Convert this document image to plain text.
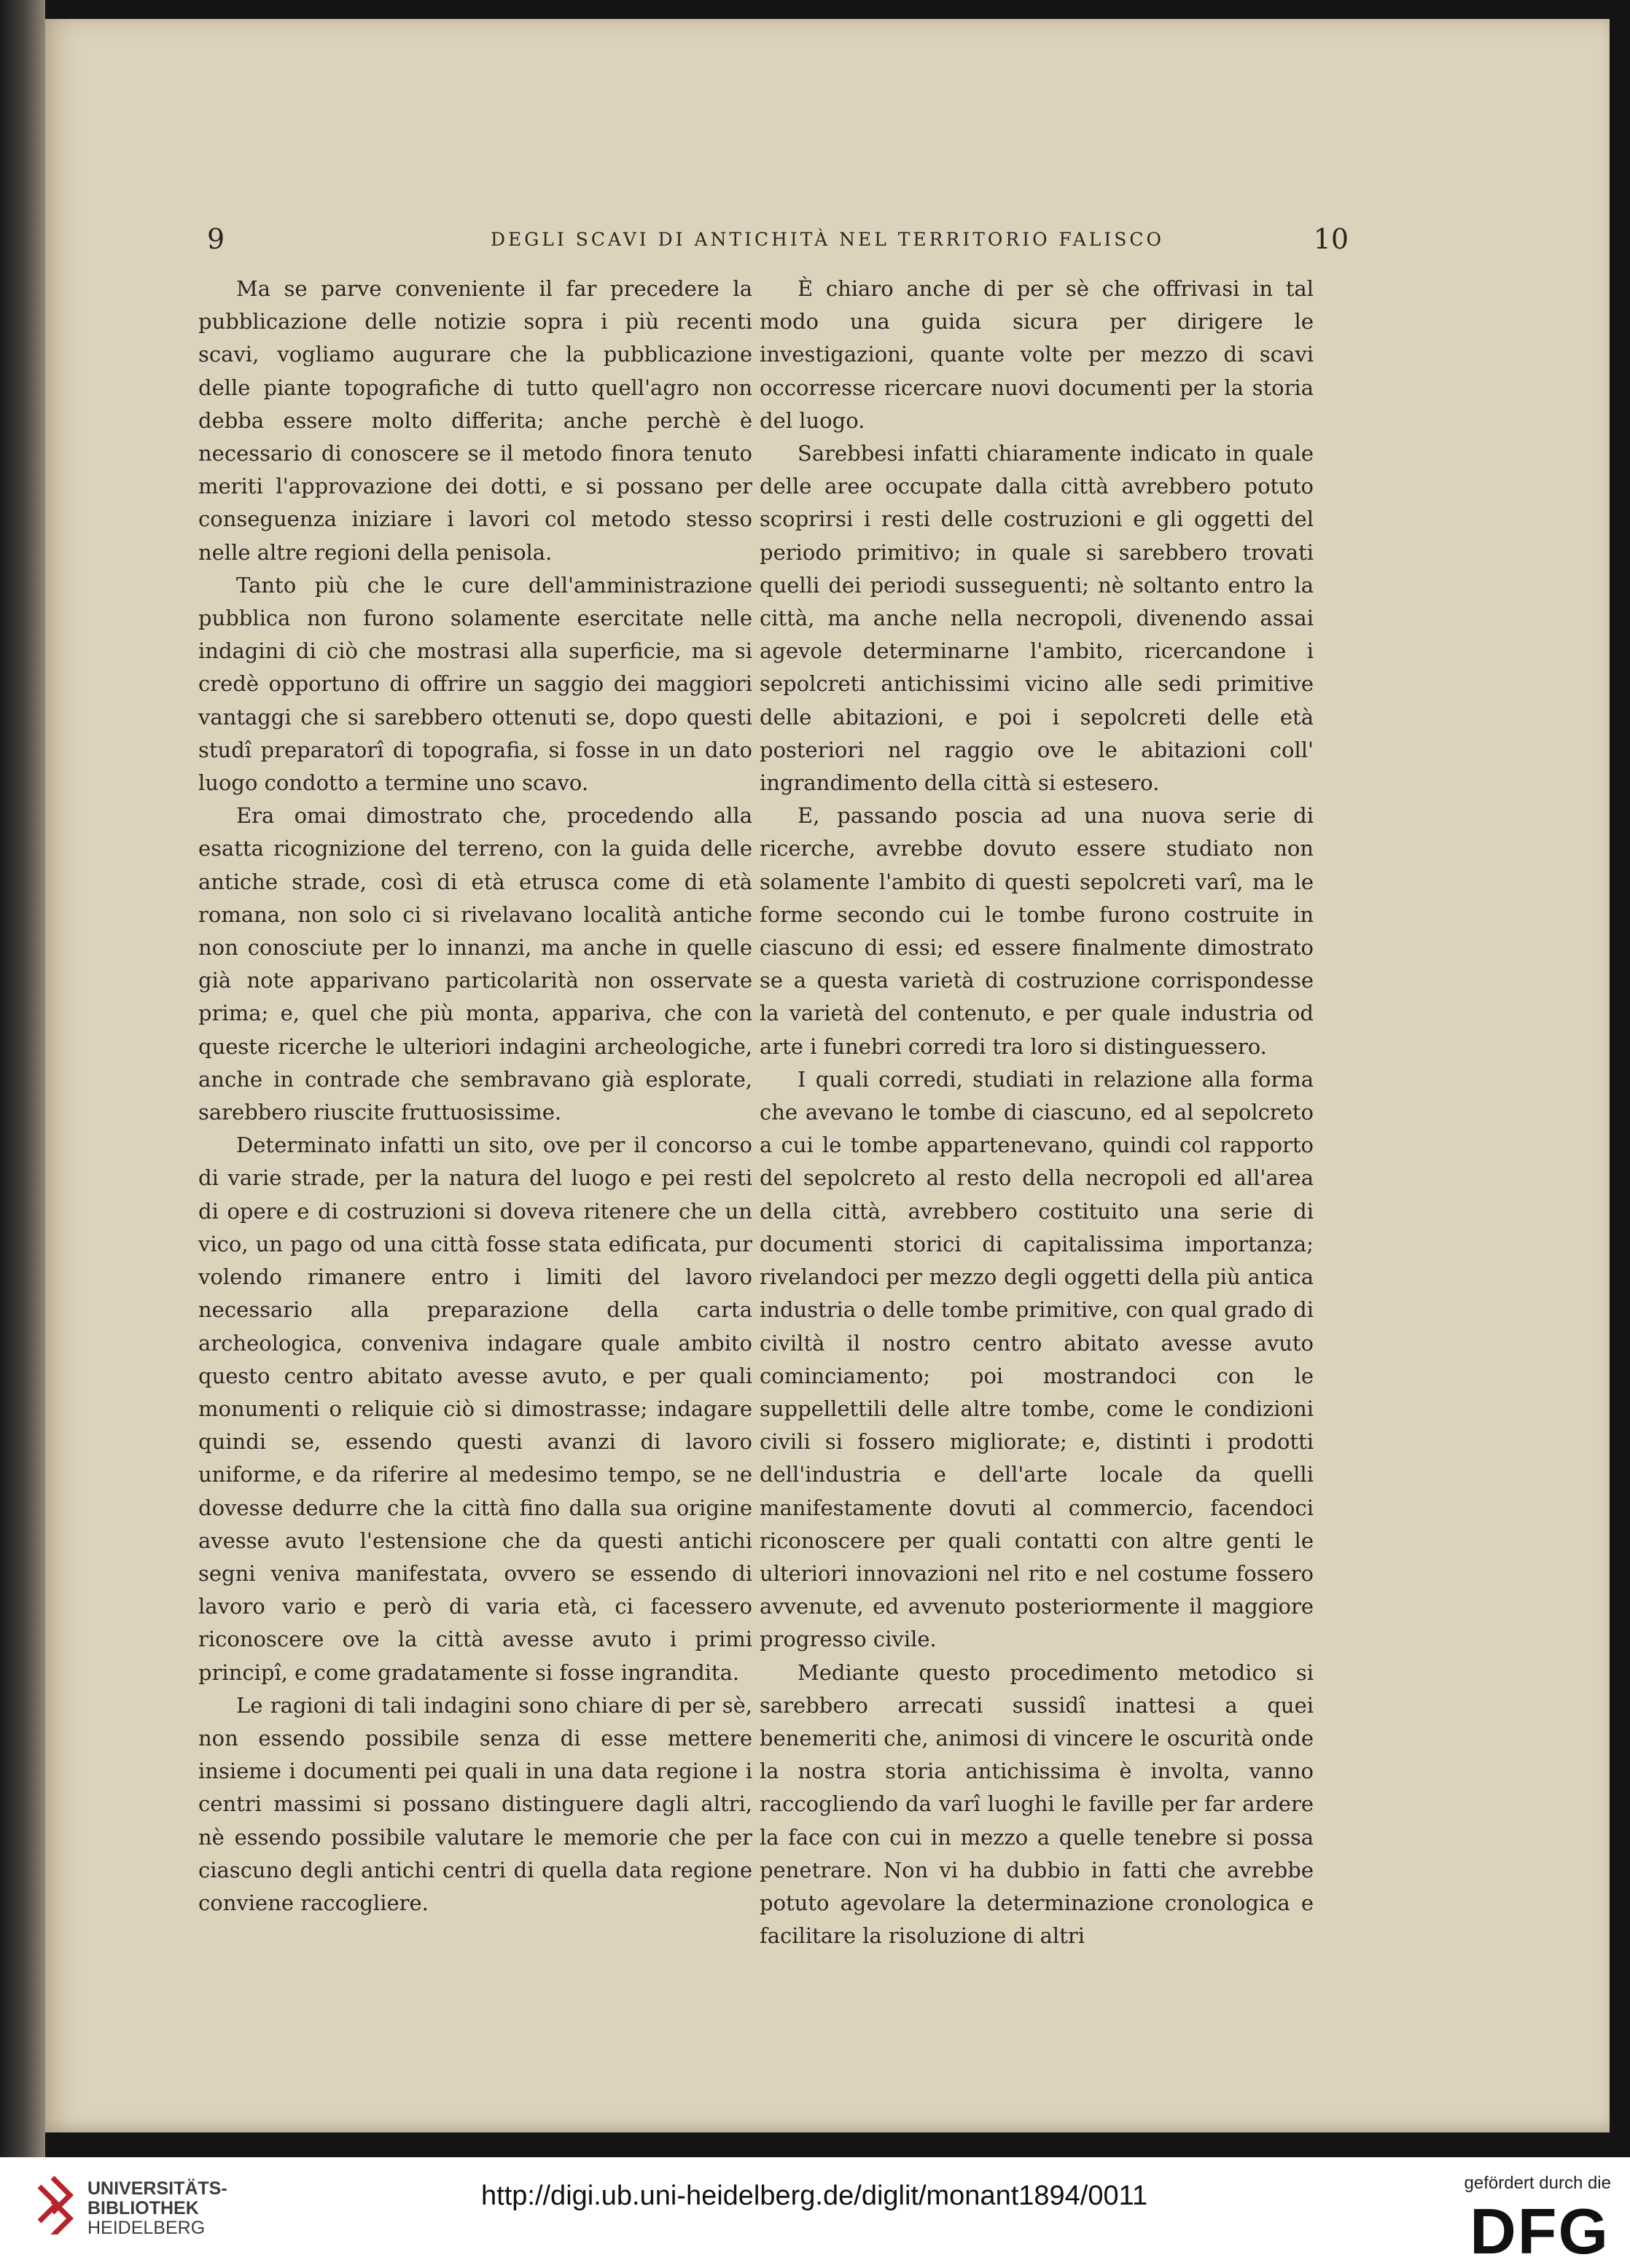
9	DEGLI SCAVI DI ANTICHITÀ NEL TERRITORIO FALISCO	10

Ma se parve conveniente il far precedere la pubblicazione delle notizie sopra i più recenti scavi, vogliamo augurare che la pubblicazione delle piante topografiche di tutto quell'agro non debba essere molto differita; anche perchè è necessario di conoscere se il metodo finora tenuto meriti l'approvazione dei dotti, e si possano per conseguenza iniziare i lavori col metodo stesso nelle altre regioni della penisola.

Tanto più che le cure dell'amministrazione pubblica non furono solamente esercitate nelle indagini di ciò che mostrasi alla superficie, ma si credè opportuno di offrire un saggio dei maggiori vantaggi che si sarebbero ottenuti se, dopo questi studî preparatorî di topografia, si fosse in un dato luogo condotto a termine uno scavo.

Era omai dimostrato che, procedendo alla esatta ricognizione del terreno, con la guida delle antiche strade, così di età etrusca come di età romana, non solo ci si rivelavano località antiche non conosciute per lo innanzi, ma anche in quelle già note apparivano particolarità non osservate prima; e, quel che più monta, appariva, che con queste ricerche le ulteriori indagini archeologiche, anche in contrade che sembravano già esplorate, sarebbero riuscite fruttuosissime.

Determinato infatti un sito, ove per il concorso di varie strade, per la natura del luogo e pei resti di opere e di costruzioni si doveva ritenere che un vico, un pago od una città fosse stata edificata, pur volendo rimanere entro i limiti del lavoro necessario alla preparazione della carta archeologica, conveniva indagare quale ambito questo centro abitato avesse avuto, e per quali monumenti o reliquie ciò si dimostrasse; indagare quindi se, essendo questi avanzi di lavoro uniforme, e da riferire al medesimo tempo, se ne dovesse dedurre che la città fino dalla sua origine avesse avuto l'estensione che da questi antichi segni veniva manifestata, ovvero se essendo di lavoro vario e però di varia età, ci facessero riconoscere ove la città avesse avuto i primi principî, e come gradatamente si fosse ingrandita.

Le ragioni di tali indagini sono chiare di per sè, non essendo possibile senza di esse mettere insieme i documenti pei quali in una data regione i centri massimi si possano distinguere dagli altri, nè essendo possibile valutare le memorie che per ciascuno degli antichi centri di quella data regione conviene raccogliere.

È chiaro anche di per sè che offrivasi in tal modo una guida sicura per dirigere le investigazioni, quante volte per mezzo di scavi occorresse ricercare nuovi documenti per la storia del luogo.

Sarebbesi infatti chiaramente indicato in quale delle aree occupate dalla città avrebbero potuto scoprirsi i resti delle costruzioni e gli oggetti del periodo primitivo; in quale si sarebbero trovati quelli dei periodi susseguenti; nè soltanto entro la città, ma anche nella necropoli, divenendo assai agevole determinarne l'ambito, ricercandone i sepolcreti antichissimi vicino alle sedi primitive delle abitazioni, e poi i sepolcreti delle età posteriori nel raggio ove le abitazioni coll' ingrandimento della città si estesero.

E, passando poscia ad una nuova serie di ricerche, avrebbe dovuto essere studiato non solamente l'ambito di questi sepolcreti varî, ma le forme secondo cui le tombe furono costruite in ciascuno di essi; ed essere finalmente dimostrato se a questa varietà di costruzione corrispondesse la varietà del contenuto, e per quale industria od arte i funebri corredi tra loro si distinguessero.

I quali corredi, studiati in relazione alla forma che avevano le tombe di ciascuno, ed al sepolcreto a cui le tombe appartenevano, quindi col rapporto del sepolcreto al resto della necropoli ed all'area della città, avrebbero costituito una serie di documenti storici di capitalissima importanza; rivelandoci per mezzo degli oggetti della più antica industria o delle tombe primitive, con qual grado di civiltà il nostro centro abitato avesse avuto cominciamento; poi mostrandoci con le suppellettili delle altre tombe, come le condizioni civili si fossero migliorate; e, distinti i prodotti dell'industria e dell'arte locale da quelli manifestamente dovuti al commercio, facendoci riconoscere per quali contatti con altre genti le ulteriori innovazioni nel rito e nel costume fossero avvenute, ed avvenuto posteriormente il maggiore progresso civile.

Mediante questo procedimento metodico si sarebbero arrecati sussidî inattesi a quei benemeriti che, animosi di vincere le oscurità onde la nostra storia antichissima è involta, vanno raccogliendo da varî luoghi le faville per far ardere la face con cui in mezzo a quelle tenebre si possa penetrare. Non vi ha dubbio in fatti che avrebbe potuto agevolare la determinazione cronologica e facilitare la risoluzione di altri

UNIVERSITÄTS-
BIBLIOTHEK
HEIDELBERG
http://digi.ub.uni-heidelberg.de/diglit/monant1894/0011	gefördert durch die
DFG
